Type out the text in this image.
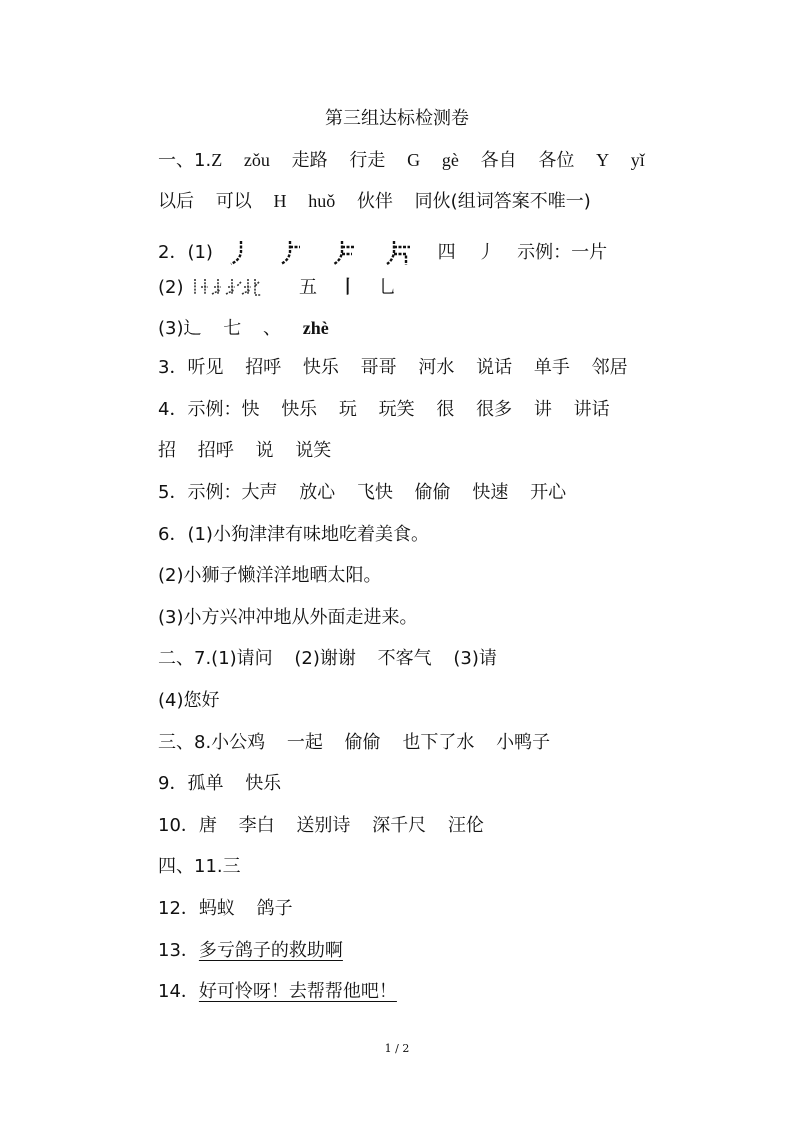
第三组达标检测卷
一、1.Z zǒu 走路 行走 G gè 各自 各位 Y yǐ
以后 可以 H huǒ 伙伴 同伙(组词答案不唯一)
2．(1)	四 丿 示例：一片
(2)	五 丨 乚
(3)辶 七 、 zhè
3．听见 招呼 快乐 哥哥 河水 说话 单手 邻居
4．示例：快 快乐 玩 玩笑 很 很多 讲 讲话
招 招呼 说 说笑
5．示例：大声 放心 飞快 偷偷 快速 开心
6．(1)小狗津津有味地吃着美食。
(2)小狮子懒洋洋地晒太阳。
(3)小方兴冲冲地从外面走进来。
二、7.(1)请问 (2)谢谢 不客气 (3)请
(4)您好
三、8.小公鸡 一起 偷偷 也下了水 小鸭子
9．孤单 快乐
10．唐 李白 送别诗 深千尺 汪伦
四、11.三
12．蚂蚁 鸽子
13．多亏鸽子的救助啊
14．好可怜呀！去帮帮他吧！
1 / 2
